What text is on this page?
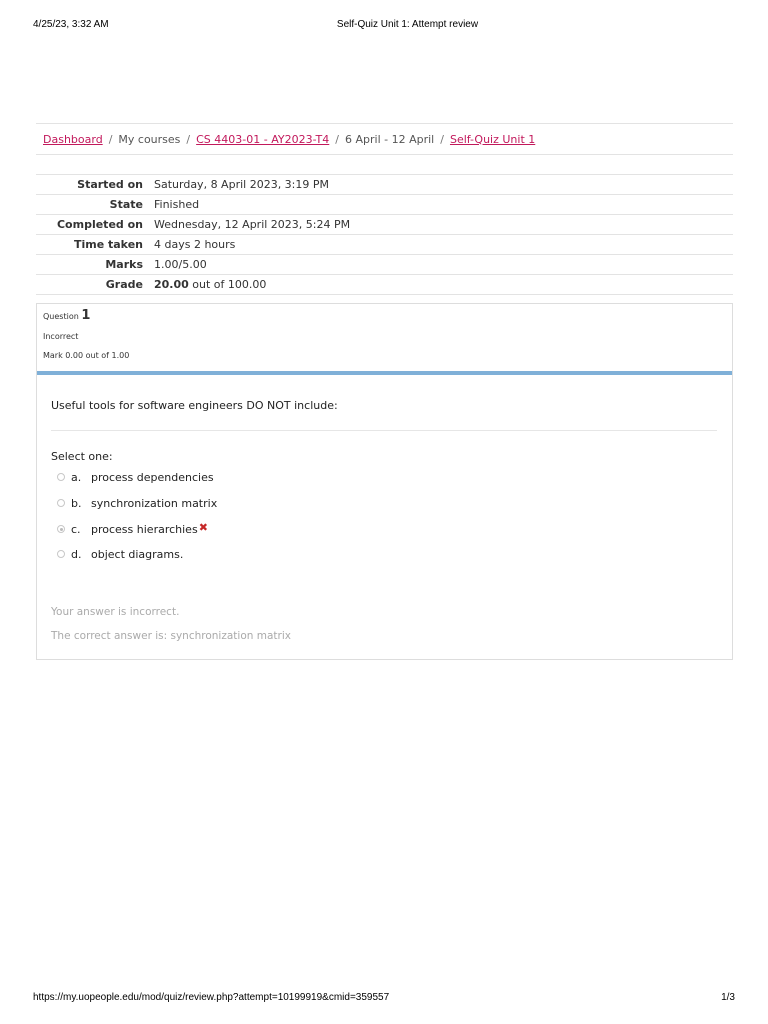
4/25/23, 3:32 AM	Self-Quiz Unit 1: Attempt review
Dashboard / My courses / CS 4403-01 - AY2023-T4 / 6 April - 12 April / Self-Quiz Unit 1
Started on	Saturday, 8 April 2023, 3:19 PM
State	Finished
Completed on	Wednesday, 12 April 2023, 5:24 PM
Time taken	4 days 2 hours
Marks	1.00/5.00
Grade	20.00 out of 100.00
Question 1
Incorrect
Mark 0.00 out of 1.00
Useful tools for software engineers DO NOT include:
Select one:
a. process dependencies
b. synchronization matrix
c. process hierarchies ✖
d. object diagrams.
Your answer is incorrect.
The correct answer is: synchronization matrix
https://my.uopeople.edu/mod/quiz/review.php?attempt=10199919&cmid=359557	1/3
